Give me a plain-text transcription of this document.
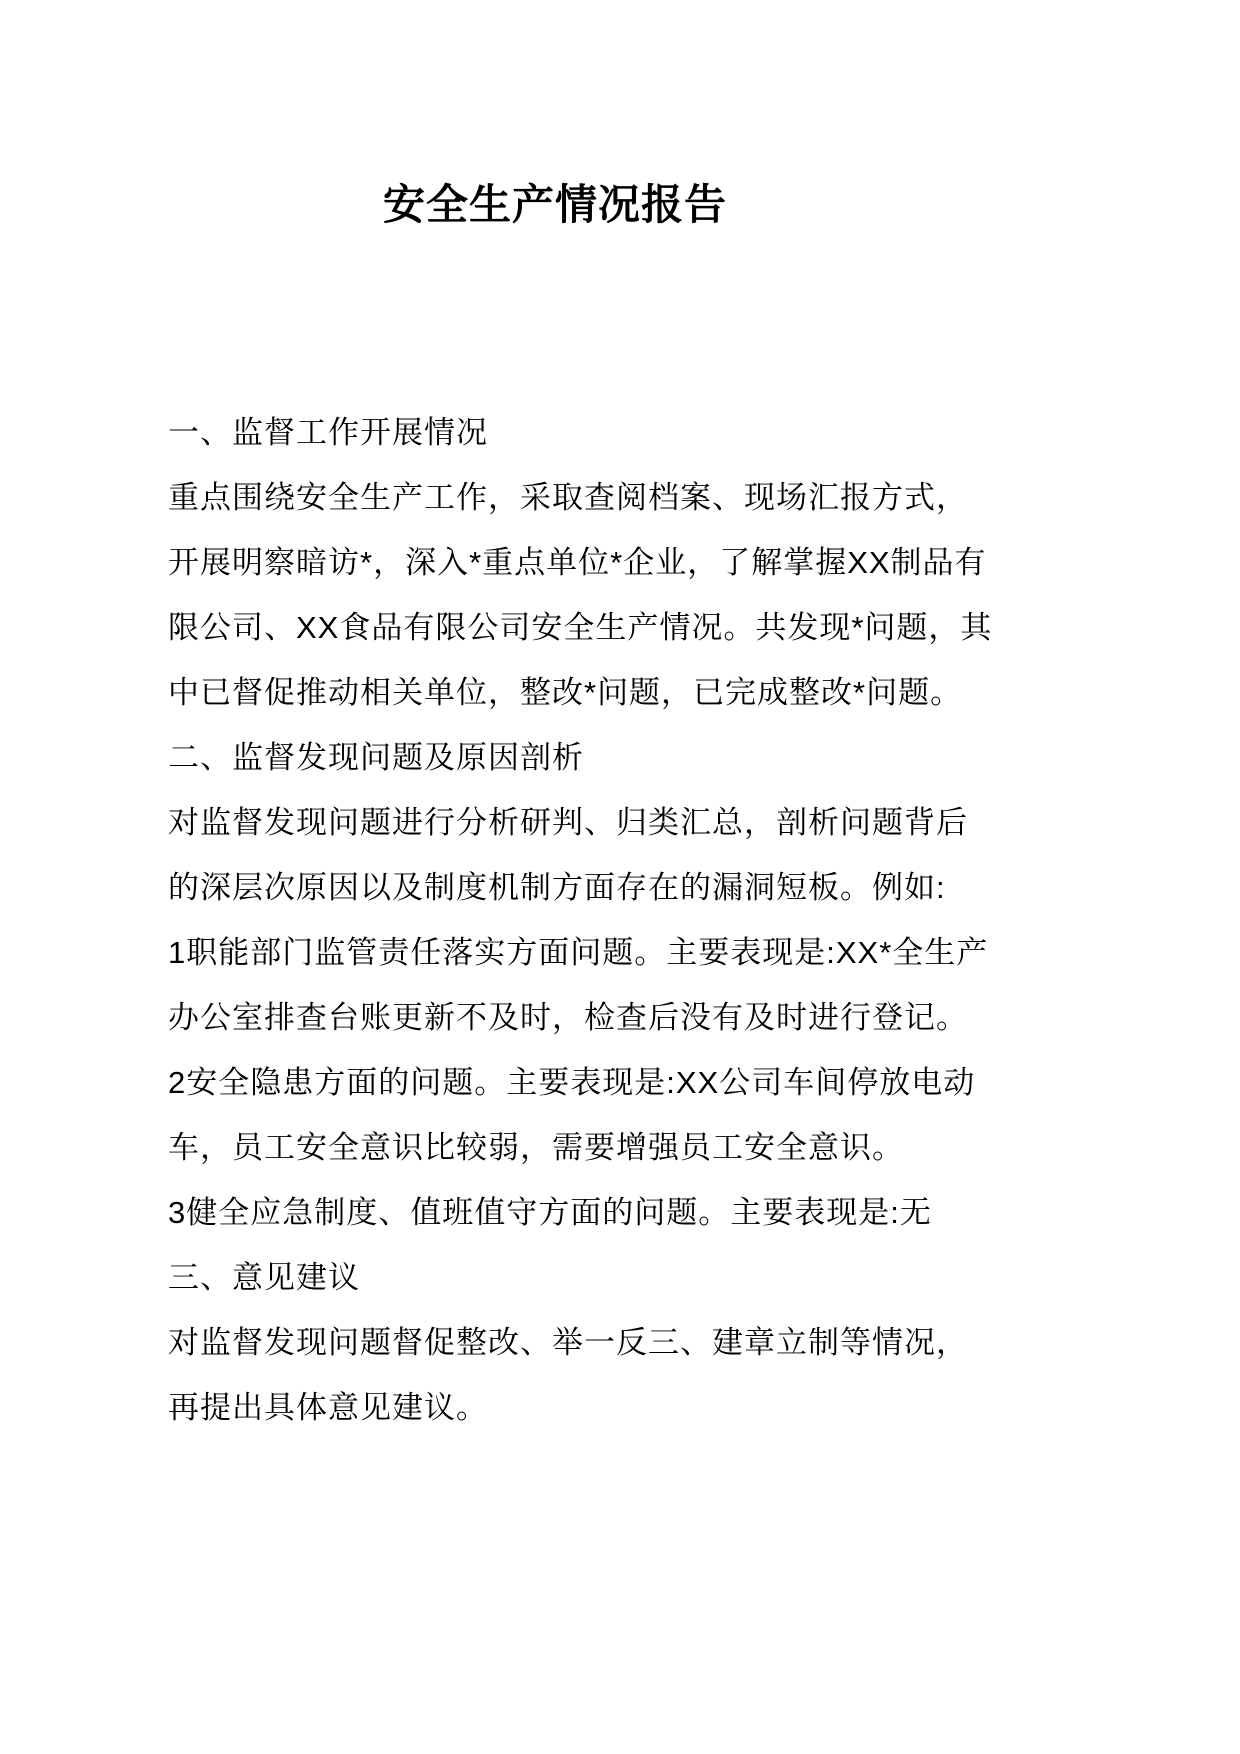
安全生产情况报告
一、监督工作开展情况
重点围绕安全生产工作，采取查阅档案、现场汇报方式，
开展明察暗访*，深入*重点单位*企业，了解掌握XX制品有
限公司、XX食品有限公司安全生产情况。共发现*问题，其
中已督促推动相关单位，整改*问题，已完成整改*问题。
二、监督发现问题及原因剖析
对监督发现问题进行分析研判、归类汇总，剖析问题背后
的深层次原因以及制度机制方面存在的漏洞短板。例如:
1职能部门监管责任落实方面问题。主要表现是:XX*全生产
办公室排查台账更新不及时，检查后没有及时进行登记。
2安全隐患方面的问题。主要表现是:XX公司车间停放电动
车，员工安全意识比较弱，需要增强员工安全意识。
3健全应急制度、值班值守方面的问题。主要表现是:无
三、意见建议
对监督发现问题督促整改、举一反三、建章立制等情况，
再提出具体意见建议。
